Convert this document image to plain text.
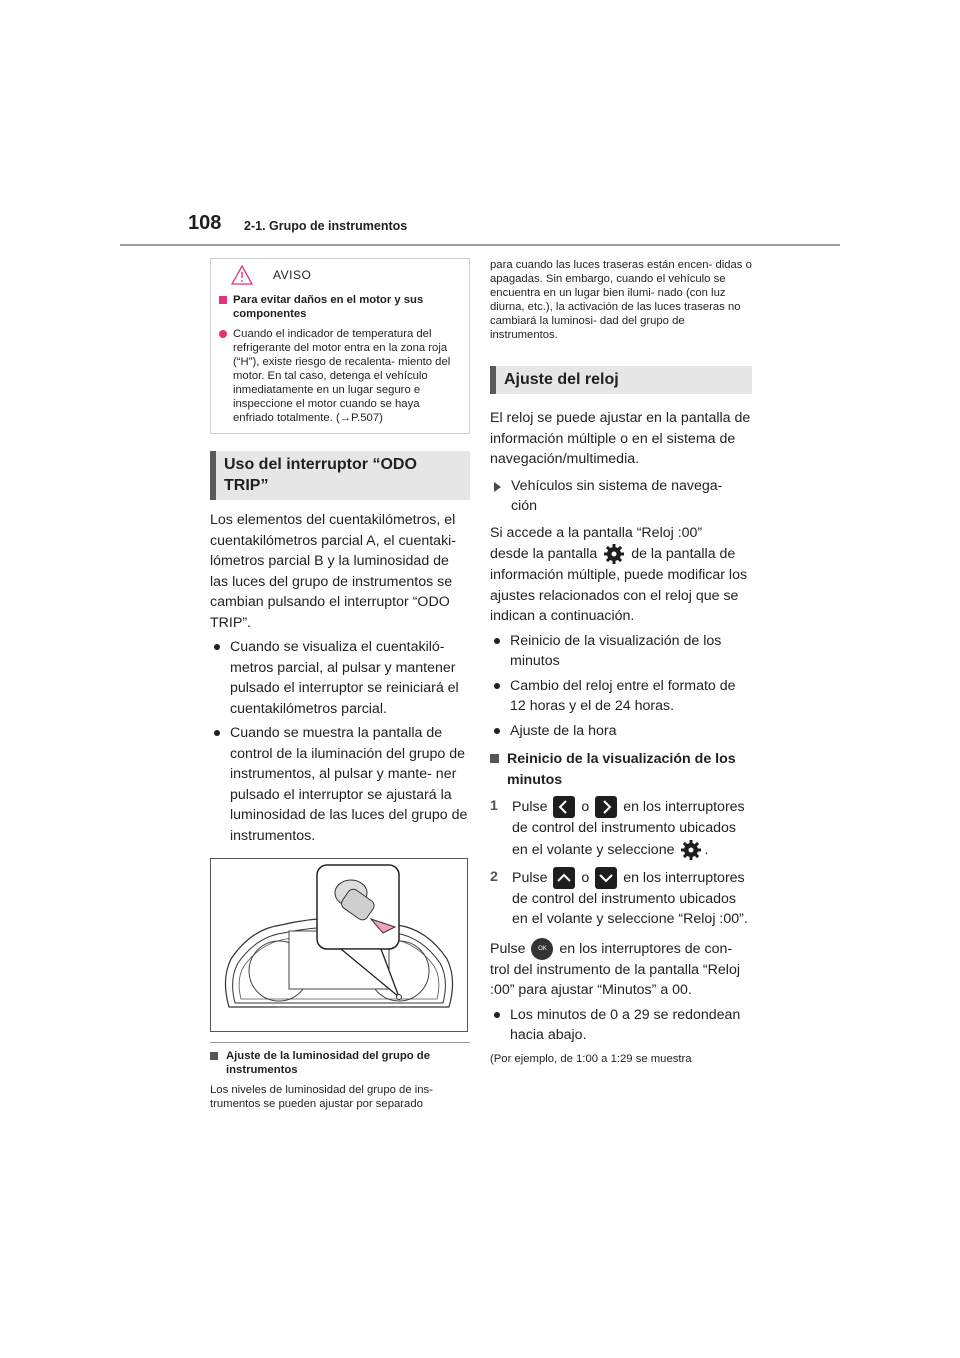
108 2-1. Grupo de instrumentos
AVISO
Para evitar daños en el motor y sus componentes
Cuando el indicador de temperatura del refrigerante del motor entra en la zona roja (“H”), existe riesgo de recalenta- miento del motor. En tal caso, detenga el vehículo inmediatamente en un lugar seguro e inspeccione el motor cuando se haya enfriado totalmente. (→P.507)
Uso del interruptor “ODO TRIP”
Los elementos del cuentakilómetros, el cuentakilómetros parcial A, el cuentaki- lómetros parcial B y la luminosidad de las luces del grupo de instrumentos se cambian pulsando el interruptor “ODO TRIP”.
Cuando se visualiza el cuentakiló- metros parcial, al pulsar y mantener pulsado el interruptor se reiniciará el cuentakilómetros parcial.
Cuando se muestra la pantalla de control de la iluminación del grupo de instrumentos, al pulsar y mante- ner pulsado el interruptor se ajustará la luminosidad de las luces del grupo de instrumentos.
Ajuste de la luminosidad del grupo de instrumentos
Los niveles de luminosidad del grupo de ins- trumentos se pueden ajustar por separado
para cuando las luces traseras están encen- didas o apagadas. Sin embargo, cuando el vehículo se encuentra en un lugar bien ilumi- nado (con luz diurna, etc.), la activación de las luces traseras no cambiará la luminosi- dad del grupo de instrumentos.
Ajuste del reloj
El reloj se puede ajustar en la pantalla de información múltiple o en el sistema de navegación/multimedia.
Vehículos sin sistema de navega- ción
Si accede a la pantalla “Reloj :00”
desde la pantalla de la pantalla de información múltiple, puede modificar los ajustes relacionados con el reloj que se indican a continuación.
Reinicio de la visualización de los minutos
Cambio del reloj entre el formato de 12 horas y el de 24 horas.
Ajuste de la hora
Reinicio de la visualización de los minutos
1 Pulse o en los interruptores de control del instrumento ubicados en el volante y seleccione .
2 Pulse o en los interruptores de control del instrumento ubicados en el volante y seleccione “Reloj :00”.
Pulse OK en los interruptores de con- trol del instrumento de la pantalla “Reloj :00” para ajustar “Minutos” a 00.
Los minutos de 0 a 29 se redondean hacia abajo.
(Por ejemplo, de 1:00 a 1:29 se muestra
